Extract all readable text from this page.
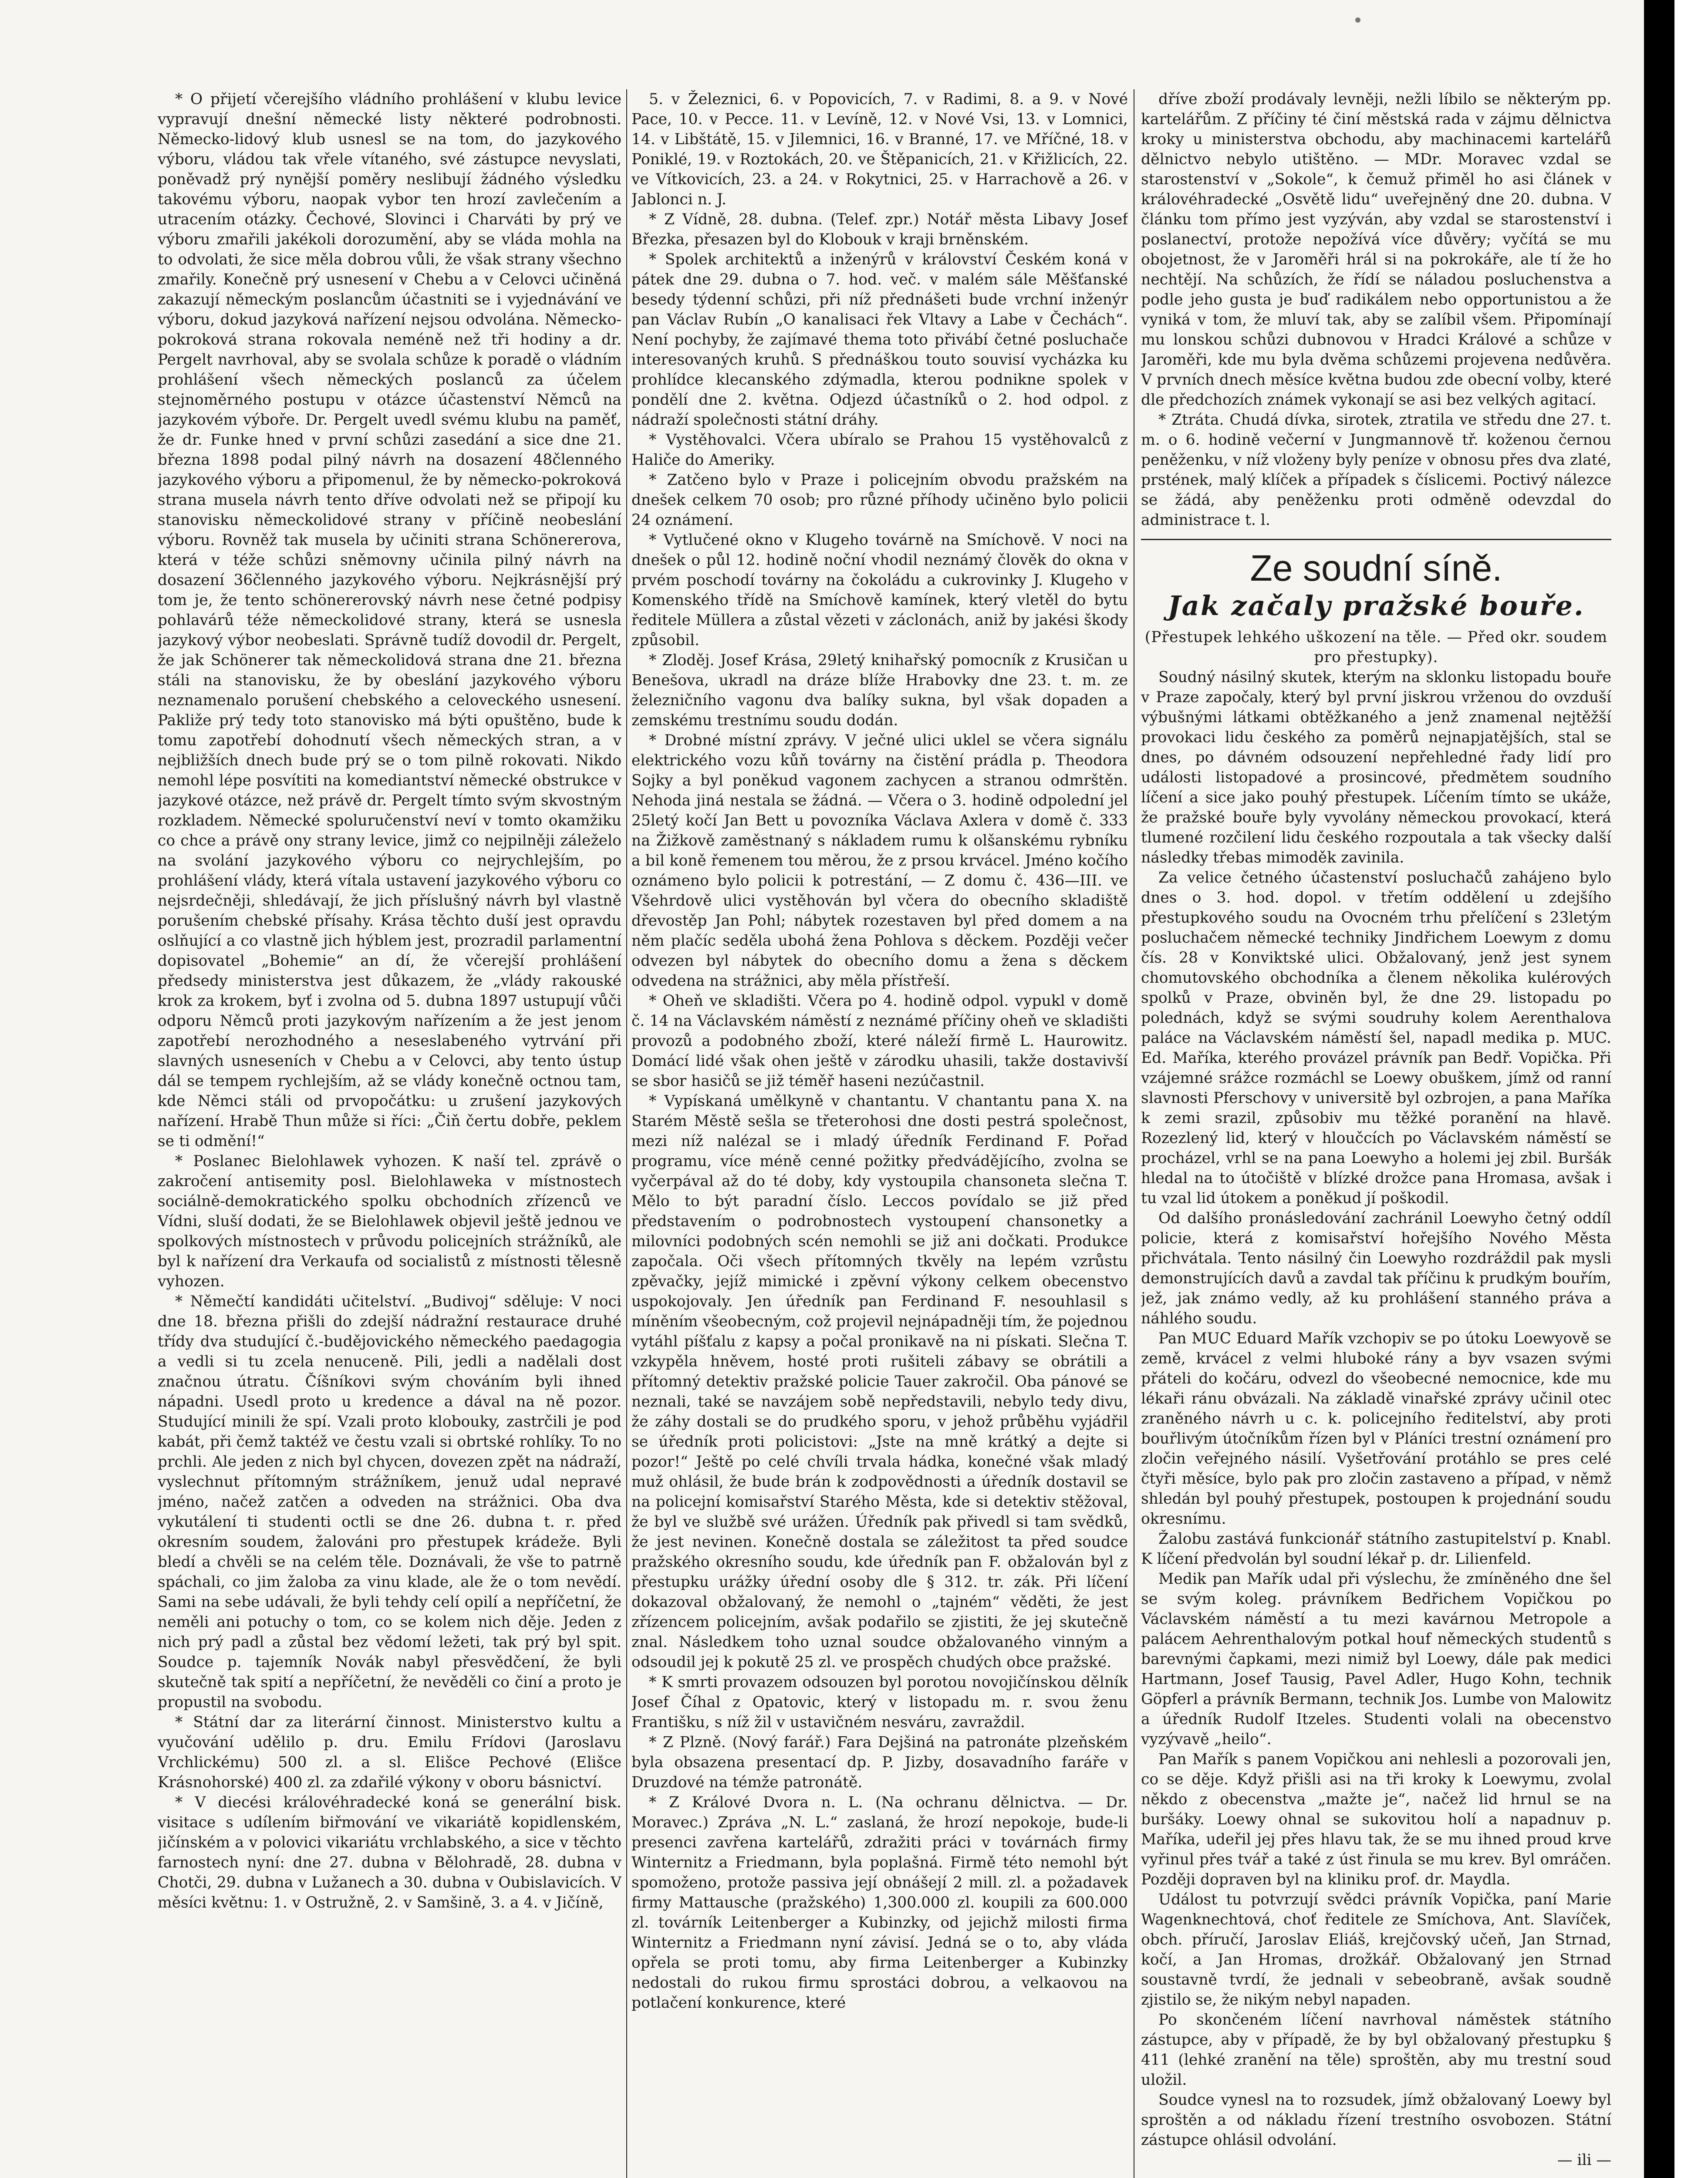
* O přijetí včerejšího vládního prohlášení v klubu levice vypravují dnešní německé listy některé podrobnosti. Německo-lidový klub usnesl se na tom, do jazykového výboru, vládou tak vřele vítaného, své zástupce nevyslati, poněvadž prý nynější poměry neslibují žádného výsledku takovému výboru, naopak vybor ten hrozí zavlečením a utracením otázky. Čechové, Slovinci i Charváti by prý ve výboru zmařili jakékoli dorozumění, aby se vláda mohla na to odvolati, že sice měla dobrou vůli, že však strany všechno zmařily. Konečně prý usnesení v Chebu a v Celovci učiněná zakazují německým poslancům účastniti se i vyjednávání ve výboru, dokud jazyková nařízení nejsou odvolána. Německo-pokroková strana rokovala neméně než tři hodiny a dr. Pergelt navrhoval, aby se svolala schůze k poradě o vládním prohlášení všech německých poslanců za účelem stejnoměrného postupu v otázce účastenství Němců na jazykovém výboře. Dr. Pergelt uvedl svému klubu na paměť, že dr. Funke hned v první schůzi zasedání a sice dne 21. března 1898 podal pilný návrh na dosazení 48členného jazykového výboru a připomenul, že by německo-pokroková strana musela návrh tento dříve odvolati než se připojí ku stanovisku německolidové strany v příčině neobeslání výboru. Rovněž tak musela by učiniti strana Schönererova, která v téže schůzi sněmovny učinila pilný návrh na dosazení 36členného jazykového výboru. Nejkrásnější prý tom je, že tento schönererovský návrh nese četné podpisy pohlavárů téže německolidové strany, která se usnesla jazykový výbor neobeslati. Správně tudíž dovodil dr. Pergelt, že jak Schönerer tak německolidová strana dne 21. března stáli na stanovisku, že by obeslání jazykového výboru neznamenalo porušení chebského a celoveckého usnesení. Pakliže prý tedy toto stanovisko má býti opuštěno, bude k tomu zapotřebí dohodnutí všech německých stran, a v nejbližších dnech bude prý se o tom pilně rokovati. Nikdo nemohl lépe posvítiti na komediantství německé obstrukce v jazykové otázce, než právě dr. Pergelt tímto svým skvostným rozkladem. Německé spoluručenství neví v tomto okamžiku co chce a právě ony strany levice, jimž co nejpilněji záleželo na svolání jazykového výboru co nejrychlejším, po prohlášení vlády, která vítala ustavení jazykového výboru co nejsrdečněji, shledávají, že jich příslušný návrh byl vlastně porušením chebské přísahy. Krása těchto duší jest opravdu oslňující a co vlastně jich hýblem jest, prozradil parlamentní dopisovatel „Bohemie“ an dí, že včerejší prohlášení předsedy ministerstva jest důkazem, že „vlády rakouské krok za krokem, byť i zvolna od 5. dubna 1897 ustupují vůči odporu Němců proti jazykovým nařízením a že jest jenom zapotřebí nerozhodného a neseslabeného vytrvání při slavných usneseních v Chebu a v Celovci, aby tento ústup dál se tempem rychlejším, až se vlády konečně octnou tam, kde Němci stáli od prvopočátku: u zrušení jazykových nařízení. Hrabě Thun může si říci: „Čiň čertu dobře, peklem se ti odmění!“

* Poslanec Bielohlawek vyhozen. K naší tel. zprávě o zakročení antisemity posl. Bielohlaweka v místnostech sociálně-demokratického spolku obchodních zřízenců ve Vídni, sluší dodati, že se Bielohlawek objevil ještě jednou ve spolkových místnostech v průvodu policejních strážníků, ale byl k nařízení dra Verkaufa od socialistů z místnosti tělesně vyhozen.

* Němečtí kandidáti učitelství. „Budivoj“ sděluje: V noci dne 18. března přišli do zdejší nádražní restaurace druhé třídy dva studující č.-budějovického německého paedagogia a vedli si tu zcela nenuceně. Pili, jedli a nadělali dost značnou útratu. Číšníkovi svým chováním byli ihned nápadni. Usedl proto u kredence a dával na ně pozor. Studující minili že spí. Vzali proto klobouky, zastrčili je pod kabát, při čemž taktéž ve čestu vzali si obrtské rohlíky. To no prchli. Ale jeden z nich byl chycen, dovezen zpět na nádraží, vyslechnut přítomným strážníkem, jenuž udal nepravé jméno, načež zatčen a odveden na strážnici. Oba dva vykutálení ti studenti octli se dne 26. dubna t. r. před okresním soudem, žalováni pro přestupek krádeže. Byli bledí a chvěli se na celém těle. Doznávali, že vše to patrně spáchali, co jim žaloba za vinu klade, ale že o tom nevědí. Sami na sebe udávali, že byli tehdy celí opilí a nepříčetní, že neměli ani potuchy o tom, co se kolem nich děje. Jeden z nich prý padl a zůstal bez vědomí ležeti, tak prý byl spit. Soudce p. tajemník Novák nabyl přesvědčení, že byli skutečně tak spití a nepříčetní, že nevěděli co činí a proto je propustil na svobodu.

* Státní dar za literární činnost. Ministerstvo kultu a vyučování udělilo p. dru. Emilu Frídovi (Jaroslavu Vrchlickému) 500 zl. a sl. Elišce Pechové (Elišce Krásnohorské) 400 zl. za zdařilé výkony v oboru básnictví.

* V diecési královéhradecké koná se generální bisk. visitace s udílením biřmování ve vikariátě kopidlenském, jičínském a v polovici vikariátu vrchlabského, a sice v těchto farnostech nyní: dne 27. dubna v Bělohradě, 28. dubna v Chotči, 29. dubna v Lužanech a 30. dubna v Oubislavicích. V měsíci květnu: 1. v Ostružně, 2. v Samšině, 3. a 4. v Jičíně,

5. v Železnici, 6. v Popovicích, 7. v Radimi, 8. a 9. v Nové Pace, 10. v Pecce. 11. v Levíně, 12. v Nové Vsi, 13. v Lomnici, 14. v Libštátě, 15. v Jilemnici, 16. v Branné, 17. ve Mříčné, 18. v Poniklé, 19. v Roztokách, 20. ve Štěpanicích, 21. v Křižlicích, 22. ve Vítkovicích, 23. a 24. v Rokytnici, 25. v Harrachově a 26. v Jablonci n. J.

* Z Vídně, 28. dubna. (Telef. zpr.) Notář města Libavy Josef Březka, přesazen byl do Klobouk v kraji brněnském.

* Spolek architektů a inženýrů v království Českém koná v pátek dne 29. dubna o 7. hod. več. v malém sále Měšťanské besedy týdenní schůzi, při níž přednášeti bude vrchní inženýr pan Václav Rubín „O kanalisaci řek Vltavy a Labe v Čechách“. Není pochyby, že zajímavé thema toto přivábí četné posluchače interesovaných kruhů. S přednáškou touto souvisí vycházka ku prohlídce klecanského zdýmadla, kterou podnikne spolek v pondělí dne 2. května. Odjezd účastníků o 2. hod odpol. z nádraží společnosti státní dráhy.

* Vystěhovalci. Včera ubíralo se Prahou 15 vystěhovalců z Haliče do Ameriky.

* Zatčeno bylo v Praze i policejním obvodu pražském na dnešek celkem 70 osob; pro různé příhody učiněno bylo policii 24 oznámení.

* Vytlučené okno v Klugeho továrně na Smíchově. V noci na dnešek o půl 12. hodině noční vhodil neznámý člověk do okna v prvém poschodí továrny na čokoládu a cukrovinky J. Klugeho v Komenského třídě na Smíchově kamínek, který vletěl do bytu ředitele Müllera a zůstal vězeti v záclonách, aniž by jakési škody způsobil.

* Zloděj. Josef Krása, 29letý knihařský pomocník z Krusičan u Benešova, ukradl na dráze blíže Hrabovky dne 23. t. m. ze železničního vagonu dva balíky sukna, byl však dopaden a zemskému trestnímu soudu dodán.

* Drobné místní zprávy. V ječné ulici uklel se včera signálu elektrického vozu kůň továrny na čistění prádla p. Theodora Sojky a byl poněkud vagonem zachycen a stranou odmrštěn. Nehoda jiná nestala se žádná. — Včera o 3. hodině odpolední jel 25letý kočí Jan Bett u povozníka Václava Axlera v domě č. 333 na Žižkově zaměstnaný s nákladem rumu k olšanskému rybníku a bil koně řemenem tou měrou, že z prsou krvácel. Jméno kočího oznámeno bylo policii k potrestání, — Z domu č. 436—III. ve Všehrdově ulici vystěhován byl včera do obecního skladiště dřevostěp Jan Pohl; nábytek rozestaven byl před domem a na něm plačíc seděla ubohá žena Pohlova s děckem. Později večer odvezen byl nábytek do obecního domu a žena s děckem odvedena na strážnici, aby měla přístřeší.

* Oheň ve skladišti. Včera po 4. hodině odpol. vypukl v domě č. 14 na Václavském náměstí z neznámé příčiny oheň ve skladišti provozů a podobného zboží, které náleží firmě L. Haurowitz. Domácí lidé však ohen ještě v zárodku uhasili, takže dostavivší se sbor hasičů se již téměř haseni nezúčastnil.

* Vypískaná umělkyně v chantantu. V chantantu pana X. na Starém Městě sešla se třeterohosi dne dosti pestrá společnost, mezi níž nalézal se i mladý úředník Ferdinand F. Pořad programu, více méně cenné požitky předvádějícího, zvolna se vyčerpával až do té doby, kdy vystoupila chansoneta slečna T. Mělo to být paradní číslo. Leccos povídalo se již před představením o podrobnostech vystoupení chansonetky a milovníci podobných scén nemohli se již ani dočkati. Produkce započala. Oči všech přítomných tkvěly na lepém vzrůstu zpěvačky, jejíž mimické i zpěvní výkony celkem obecenstvo uspokojovaly. Jen úředník pan Ferdinand F. nesouhlasil s míněním všeobecným, což projevil nejnápadněji tím, že pojednou vytáhl píšťalu z kapsy a počal pronikavě na ni pískati. Slečna T. vzkypěla hněvem, hosté proti rušiteli zábavy se obrátili a přítomný detektiv pražské policie Tauer zakročil. Oba pánové se neznali, také se navzájem sobě nepředstavili, nebylo tedy divu, že záhy dostali se do prudkého sporu, v jehož průběhu vyjádřil se úředník proti policistovi: „Jste na mně krátký a dejte si pozor!“ Ještě po celé chvíli trvala hádka, konečné však mladý muž ohlásil, že bude brán k zodpovědnosti a úředník dostavil se na policejní komisařství Starého Města, kde si detektiv stěžoval, že byl ve službě své urážen. Úředník pak přivedl si tam svědků, že jest nevinen. Konečně dostala se záležitost ta před soudce pražského okresního soudu, kde úředník pan F. obžalován byl z přestupku urážky úřední osoby dle § 312. tr. zák. Při líčení dokazoval obžalovaný, že nemohl o „tajném“ věděti, že jest zřízencem policejním, avšak podařilo se zjistiti, že jej skutečně znal. Následkem toho uznal soudce obžalovaného vinným a odsoudil jej k pokutě 25 zl. ve prospěch chudých obce pražské.

* K smrti provazem odsouzen byl porotou novojičínskou dělník Josef Číhal z Opatovic, který v listopadu m. r. svou ženu Františku, s níž žil v ustavičném nesváru, zavraždil.

* Z Plzně. (Nový farář.) Fara Dejšiná na patronáte plzeňském byla obsazena presentací dp. P. Jizby, dosavadního faráře v Druzdové na témže patronátě.

* Z Králové Dvora n. L. (Na ochranu dělnictva. — Dr. Moravec.) Zpráva „N. L.“ zaslaná, že hrozí nepokoje, bude-li presenci zavřena kartelářů, zdražiti práci v továrnách firmy Winternitz a Friedmann, byla poplašná. Firmě této nemohl být spomoženo, protože passiva její obnášejí 2 mill. zl. a požadavek firmy Mattausche (pražského) 1,300.000 zl. koupili za 600.000 zl. továrník Leitenberger a Kubinzky, od jejichž milosti firma Winternitz a Friedmann nyní závisí. Jedná se o to, aby vláda opřela se proti tomu, aby firma Leitenberger a Kubinzky nedostali do rukou firmu sprostáci dobrou, a velkaovou na potlačení konkurence, které

dříve zboží prodávaly levněji, nežli líbilo se některým pp. kartelářům. Z příčiny té činí městská rada v zájmu dělnictva kroky u ministerstva obchodu, aby machinacemi kartelářů dělnictvo nebylo utištěno. — MDr. Moravec vzdal se starostenství v „Sokole“, k čemuž přiměl ho asi článek v královéhradecké „Osvětě lidu“ uveřejněný dne 20. dubna. V článku tom přímo jest vyzýván, aby vzdal se starostenství i poslanectví, protože nepožívá více důvěry; vyčítá se mu obojetnost, že v Jaroměři hrál si na pokrokáře, ale tí že ho nechtějí. Na schůzích, že řídí se náladou posluchenstva a podle jeho gusta je buď radikálem nebo opportunistou a že vyniká v tom, že mluví tak, aby se zalíbil všem. Připomínají mu lonskou schůzi dubnovou v Hradci Králové a schůze v Jaroměři, kde mu byla dvěma schůzemi projevena nedůvěra. V prvních dnech měsíce května budou zde obecní volby, které dle předchozích známek vykonají se asi bez velkých agitací.

* Ztráta. Chudá dívka, sirotek, ztratila ve středu dne 27. t. m. o 6. hodině večerní v Jungmannově tř. koženou černou peněženku, v níž vloženy byly peníze v obnosu přes dva zlaté, prstének, malý klíček a případek s číslicemi. Poctivý nálezce se žádá, aby peněženku proti odměně odevzdal do administrace t. l.

Ze soudní síně.

Jak začaly pražské bouře.

(Přestupek lehkého uškození na těle. — Před okr. soudem pro přestupky).

Soudný násilný skutek, kterým na sklonku listopadu bouře v Praze započaly, který byl první jiskrou vrženou do ovzduší výbušnými látkami obtěžkaného a jenž znamenal nejtěžší provokaci lidu českého za poměrů nejnapjatějších, stal se dnes, po dávném odsouzení nepřehledné řady lidí pro události listopadové a prosincové, předmětem soudního líčení a sice jako pouhý přestupek. Líčením tímto se ukáže, že pražské bouře byly vyvolány německou provokací, která tlumené rozčilení lidu českého rozpoutala a tak všecky další následky třebas mimoděk zavinila.

Za velice četného účastenství posluchačů zahájeno bylo dnes o 3. hod. dopol. v třetím oddělení u zdejšího přestupkového soudu na Ovocném trhu přelíčení s 23letým posluchačem německé techniky Jindřichem Loewym z domu čís. 28 v Konviktské ulici. Obžalovaný, jenž jest synem chomutovského obchodníka a členem několika kulérových spolků v Praze, obviněn byl, že dne 29. listopadu po polednách, když se svými soudruhy kolem Aerenthalova paláce na Václavském náměstí šel, napadl medika p. MUC. Ed. Maříka, kterého provázel právník pan Bedř. Vopička. Při vzájemné srážce rozmáchl se Loewy obuškem, jímž od ranní slavnosti Pferschovy v universitě byl ozbrojen, a pana Maříka k zemi srazil, způsobiv mu těžké poranění na hlavě. Rozezlený lid, který v hloučcích po Václavském náměstí se procházel, vrhl se na pana Loewyho a holemi jej zbil. Buršák hledal na to útočiště v blízké drožce pana Hromasa, avšak i tu vzal lid útokem a poněkud jí poškodil.

Od dalšího pronásledování zachránil Loewyho četný oddíl policie, která z komisařství hořejšího Nového Města přichvátala. Tento násilný čin Loewyho rozdráždil pak mysli demonstrujících davů a zavdal tak příčinu k prudkým bouřím, jež, jak známo vedly, až ku prohlášení stanného práva a náhlého soudu.

Pan MUC Eduard Mařík vzchopiv se po útoku Loewyově se země, krvácel z velmi hluboké rány a byv vsazen svými přáteli do kočáru, odvezl do všeobecné nemocnice, kde mu lékaři ránu obvázali. Na základě vinařské zprávy učinil otec zraněného návrh u c. k. policejního ředitelství, aby proti bouřlivým útočníkům řízen byl v Pláníci trestní oznámení pro zločin veřejného násilí. Vyšetřování protáhlo se pres celé čtyři měsíce, bylo pak pro zločin zastaveno a případ, v němž shledán byl pouhý přestupek, postoupen k projednání soudu okresnímu.

Žalobu zastává funkcionář státního zastupitelství p. Knabl. K líčení předvolán byl soudní lékař p. dr. Lilienfeld.

Medik pan Mařík udal při výslechu, že zmíněného dne šel se svým koleg. právníkem Bedřichem Vopičkou po Václavském náměstí a tu mezi kavárnou Metropole a palácem Aehrenthalovým potkal houf německých studentů s barevnými čapkami, mezi nimiž byl Loewy, dále pak medici Hartmann, Josef Tausig, Pavel Adler, Hugo Kohn, technik Göpferl a právník Bermann, technik Jos. Lumbe von Malowitz a úředník Rudolf Itzeles. Studenti volali na obecenstvo vyzývavě „heilo“.

Pan Mařík s panem Vopičkou ani nehlesli a pozorovali jen, co se děje. Když přišli asi na tři kroky k Loewymu, zvolal někdo z obecenstva „mažte je“, načež lid hrnul se na buršáky. Loewy ohnal se sukovitou holí a napadnuv p. Maříka, udeřil jej přes hlavu tak, že se mu ihned proud krve vyřinul přes tvář a také z úst řinula se mu krev. Byl omráčen. Později dopraven byl na kliniku prof. dr. Maydla.

Událost tu potvrzují svědci právník Vopička, paní Marie Wagenknechtová, choť ředitele ze Smíchova, Ant. Slavíček, obch. příručí, Jaroslav Eliáš, krejčovský učeň, Jan Strnad, kočí, a Jan Hromas, drožkář. Obžalovaný jen Strnad soustavně tvrdí, že jednali v sebeobraně, avšak soudně zjistilo se, že nikým nebyl napaden.

Po skončeném líčení navrhoval náměstek státního zástupce, aby v případě, že by byl obžalovaný přestupku § 411 (lehké zranění na těle) sproštěn, aby mu trestní soud uložil.

Soudce vynesl na to rozsudek, jímž obžalovaný Loewy byl sproštěn a od nákladu řízení trestního osvobozen. Státní zástupce ohlásil odvolání.

— ili —
